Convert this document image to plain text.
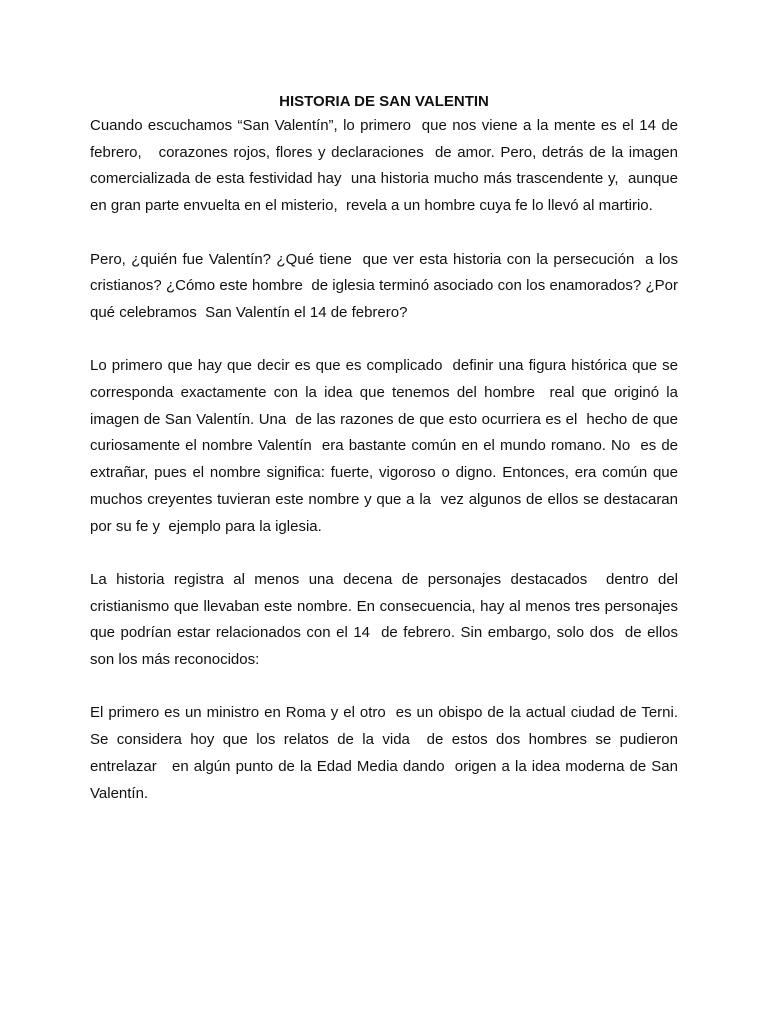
HISTORIA DE SAN VALENTIN

Cuando escuchamos “San Valentín”, lo primero  que nos viene a la mente es el 14 de febrero,   corazones rojos, flores y declaraciones  de amor. Pero, detrás de la imagen comercializada de esta festividad hay  una historia mucho más trascendente y,  aunque en gran parte envuelta en el misterio,  revela a un hombre cuya fe lo llevó al martirio.

Pero, ¿quién fue Valentín? ¿Qué tiene  que ver esta historia con la persecución  a los cristianos? ¿Cómo este hombre  de iglesia terminó asociado con los enamorados? ¿Por qué celebramos  San Valentín el 14 de febrero?

Lo primero que hay que decir es que es complicado  definir una figura histórica que se corresponda exactamente con la idea que tenemos del hombre  real que originó la imagen de San Valentín. Una  de las razones de que esto ocurriera es el  hecho de que curiosamente el nombre Valentín  era bastante común en el mundo romano. No  es de extrañar, pues el nombre significa: fuerte, vigoroso o digno. Entonces, era común que  muchos creyentes tuvieran este nombre y que a la  vez algunos de ellos se destacaran por su fe y  ejemplo para la iglesia.

La historia registra al menos una decena de personajes destacados  dentro del cristianismo que llevaban este nombre. En consecuencia, hay al menos tres personajes  que podrían estar relacionados con el 14  de febrero. Sin embargo, solo dos  de ellos son los más reconocidos:

El primero es un ministro en Roma y el otro  es un obispo de la actual ciudad de Terni. Se considera hoy que los relatos de la vida  de estos dos hombres se pudieron entrelazar   en algún punto de la Edad Media dando  origen a la idea moderna de San Valentín.
